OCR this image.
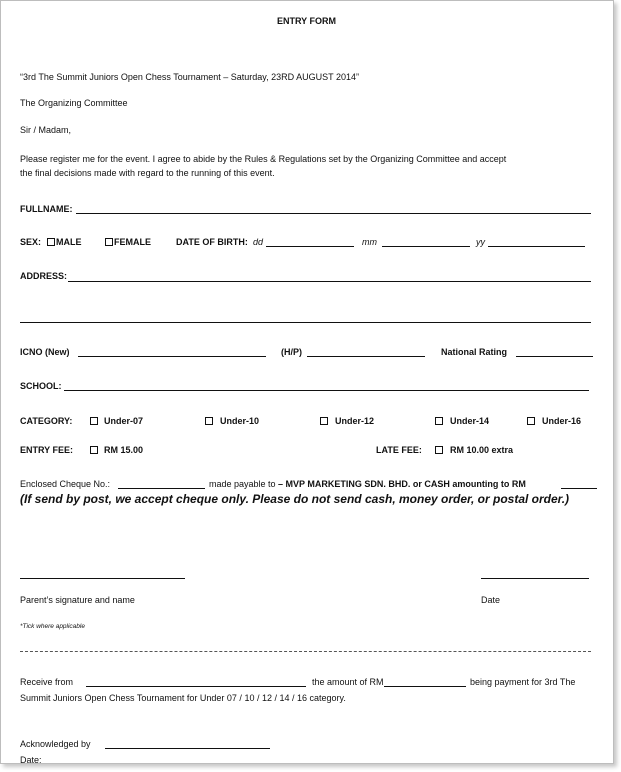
ENTRY FORM
“3rd The Summit Juniors Open Chess Tournament – Saturday, 23RD AUGUST 2014”
The Organizing Committee
Sir / Madam,
Please register me for the event. I agree to abide by the Rules & Regulations set by the Organizing Committee and accept
the final decisions made with regard to the running of this event.
FULLNAME:
SEX: MALE	FEMALE	DATE OF BIRTH: dd	mm	yy
ADDRESS:
ICNO (New)	(H/P)	National Rating
SCHOOL:
CATEGORY:	Under-07	Under-10	Under-12	Under-14	Under-16
ENTRY FEE:	RM 15.00	LATE FEE:	RM 10.00 extra
Enclosed Cheque No.:	made payable to – MVP MARKETING SDN. BHD. or CASH amounting to RM
(If send by post, we accept cheque only. Please do not send cash, money order, or postal order.)
Parent’s signature and name	Date
*Tick where applicable
Receive from	the amount of RM	being payment for 3rd The
Summit Juniors Open Chess Tournament for Under 07 / 10 / 12 / 14 / 16 category.
Acknowledged by
Date:
